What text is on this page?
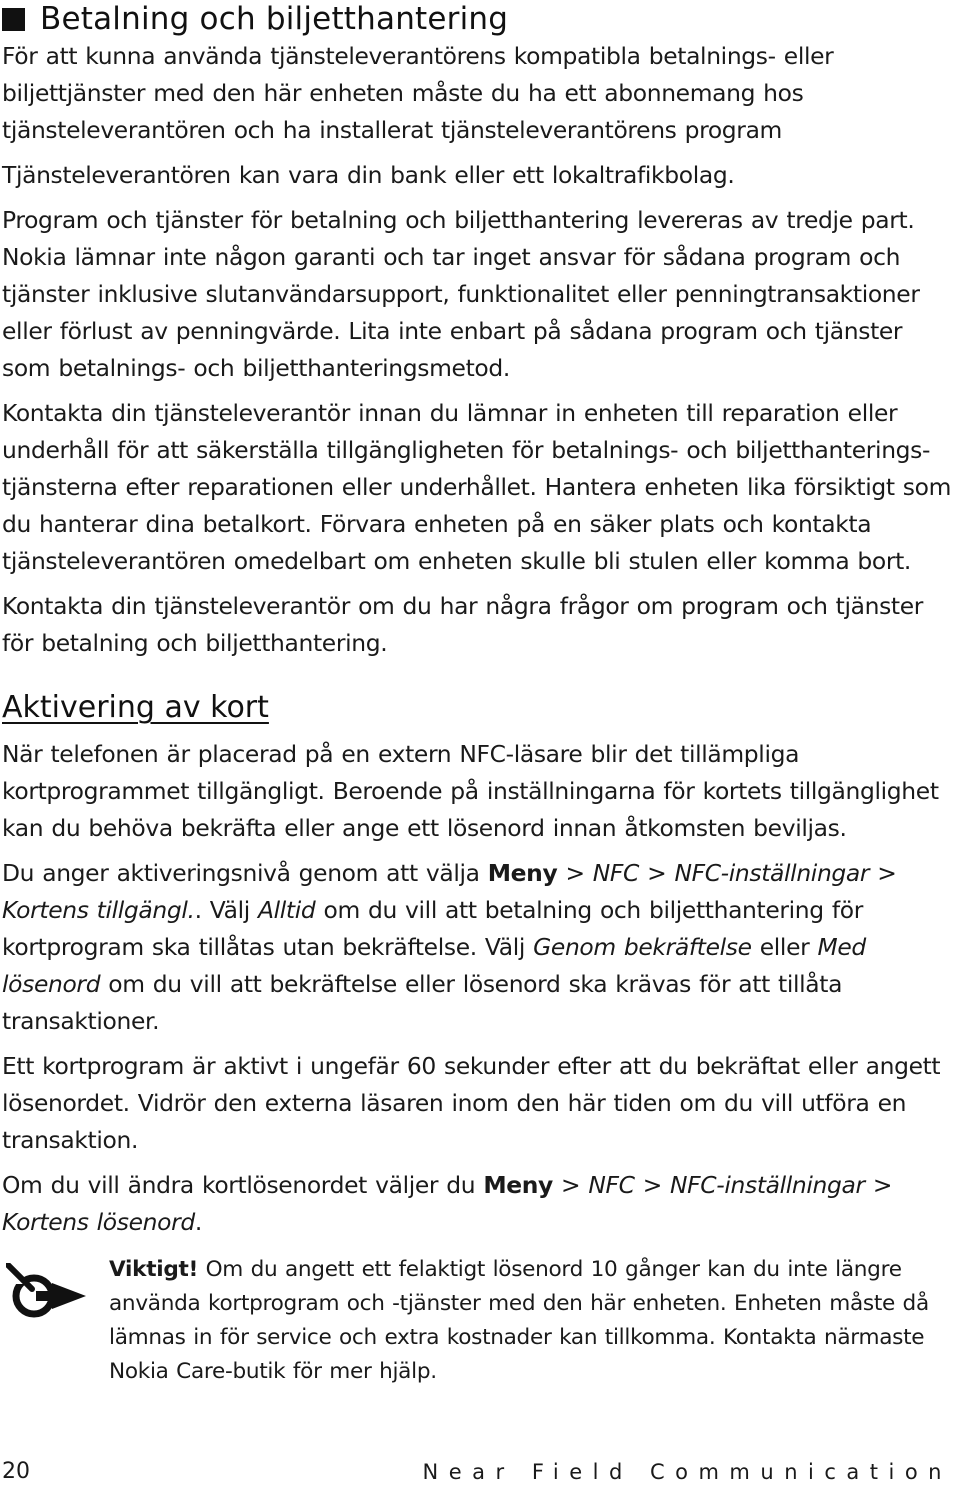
Betalning och biljetthantering

För att kunna använda tjänsteleverantörens kompatibla betalnings- eller biljettjänster med den här enheten måste du ha ett abonnemang hos tjänsteleverantören och ha installerat tjänsteleverantörens program

Tjänsteleverantören kan vara din bank eller ett lokaltrafikbolag.

Program och tjänster för betalning och biljetthantering levereras av tredje part. Nokia lämnar inte någon garanti och tar inget ansvar för sådana program och tjänster inklusive slutanvändarsupport, funktionalitet eller penningtransaktioner eller förlust av penningvärde. Lita inte enbart på sådana program och tjänster som betalnings- och biljetthanteringsmetod.

Kontakta din tjänsteleverantör innan du lämnar in enheten till reparation eller underhåll för att säkerställa tillgängligheten för betalnings- och biljetthanterings-tjänsterna efter reparationen eller underhållet. Hantera enheten lika försiktigt som du hanterar dina betalkort. Förvara enheten på en säker plats och kontakta tjänsteleverantören omedelbart om enheten skulle bli stulen eller komma bort.

Kontakta din tjänsteleverantör om du har några frågor om program och tjänster för betalning och biljetthantering.

Aktivering av kort

När telefonen är placerad på en extern NFC-läsare blir det tillämpliga kortprogrammet tillgängligt. Beroende på inställningarna för kortets tillgänglighet kan du behöva bekräfta eller ange ett lösenord innan åtkomsten beviljas.

Du anger aktiveringsnivå genom att välja Meny > NFC > NFC-inställningar > Kortens tillgängl.. Välj Alltid om du vill att betalning och biljetthantering för kortprogram ska tillåtas utan bekräftelse. Välj Genom bekräftelse eller Med lösenord om du vill att bekräftelse eller lösenord ska krävas för att tillåta transaktioner.

Ett kortprogram är aktivt i ungefär 60 sekunder efter att du bekräftat eller angett lösenordet. Vidrör den externa läsaren inom den här tiden om du vill utföra en transaktion.

Om du vill ändra kortlösenordet väljer du Meny > NFC > NFC-inställningar > Kortens lösenord.

Viktigt! Om du angett ett felaktigt lösenord 10 gånger kan du inte längre använda kortprogram och -tjänster med den här enheten. Enheten måste då lämnas in för service och extra kostnader kan tillkomma. Kontakta närmaste Nokia Care-butik för mer hjälp.

20	Near Field Communication
